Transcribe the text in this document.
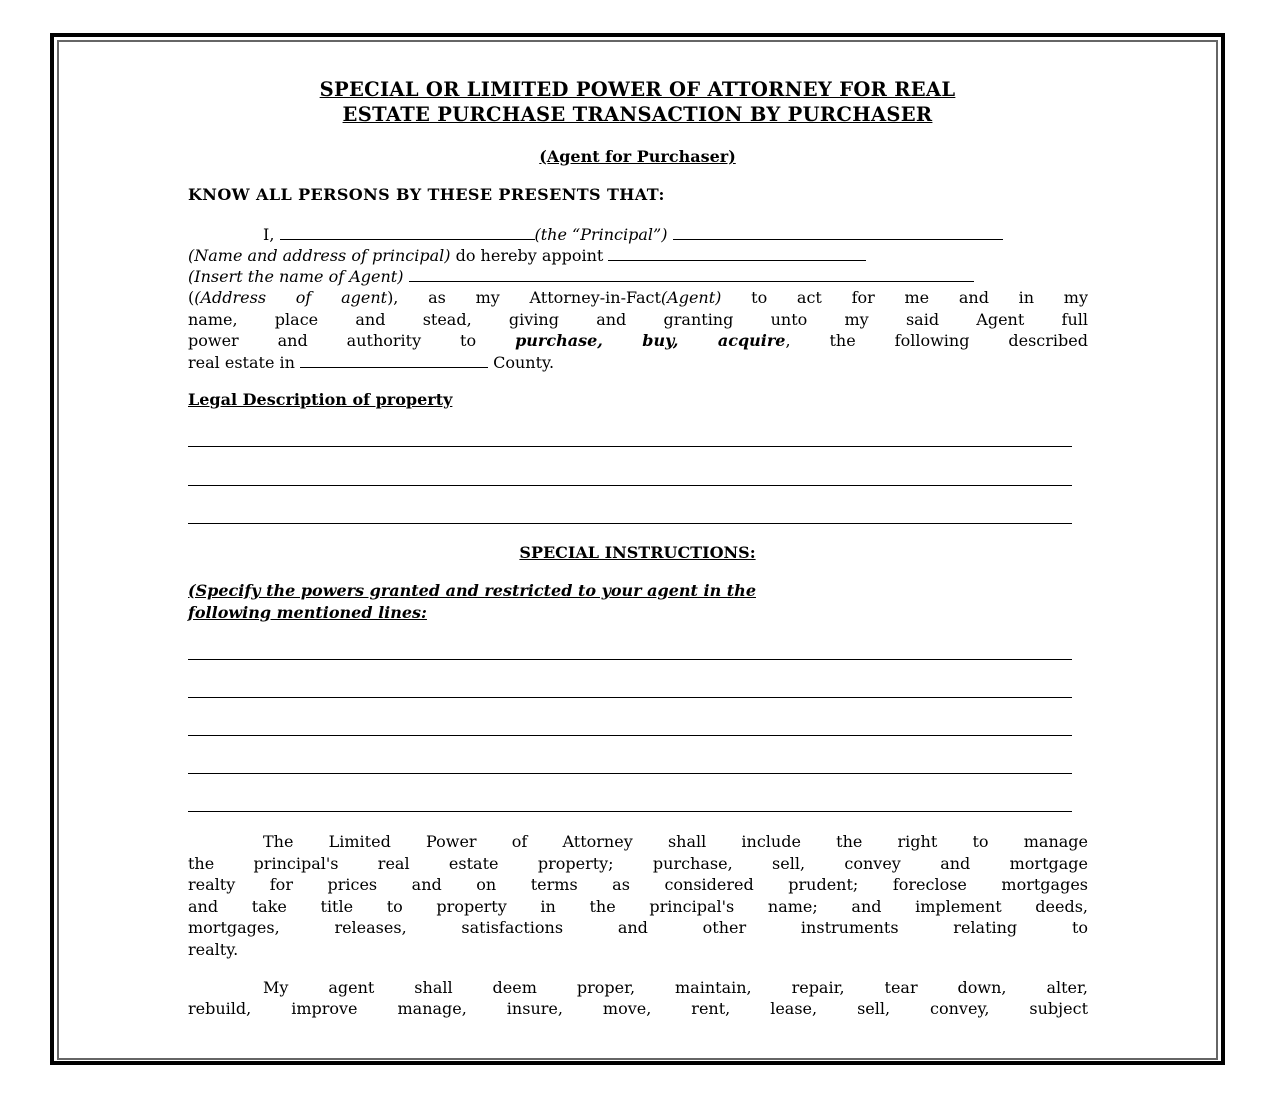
SPECIAL OR LIMITED POWER OF ATTORNEY FOR REAL
ESTATE PURCHASE TRANSACTION BY PURCHASER
(Agent for Purchaser)
KNOW ALL PERSONS BY THESE PRESENTS THAT:
I,	(the “Principal”)
(Name and address of principal) do hereby appoint
(Insert the name of Agent)
((Address of agent), as my Attorney-in-Fact(Agent) to act for me and in my
name, place and stead, giving and granting unto my said Agent full
power and authority to purchase, buy, acquire, the following described
real estate in	County.
Legal Description of property
SPECIAL INSTRUCTIONS:
(Specify the powers granted and restricted to your agent in the
following mentioned lines:
The Limited Power of Attorney shall include the right to manage
the principal's real estate property; purchase, sell, convey and mortgage
realty for prices and on terms as considered prudent; foreclose mortgages
and take title to property in the principal's name; and implement deeds,
mortgages, releases, satisfactions and other instruments relating to
realty.
My agent shall deem proper, maintain, repair, tear down, alter,
rebuild, improve manage, insure, move, rent, lease, sell, convey, subject
